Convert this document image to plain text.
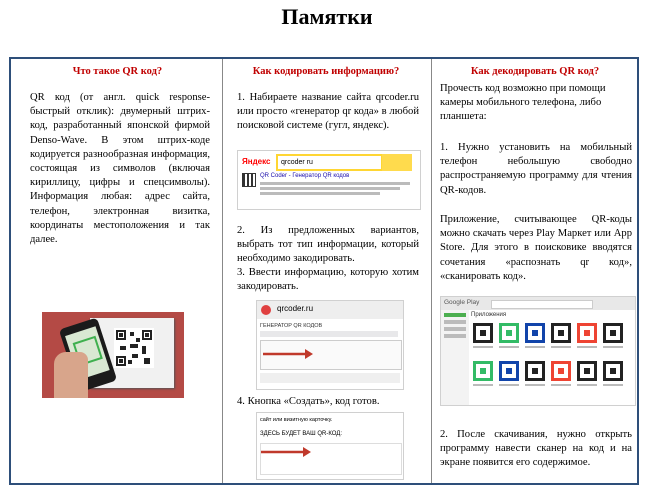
Памятки
Что такое QR код?
QR код (от англ. quick response-быстрый отклик): двумерный штрих-код, разработанный японской фирмой Denso-Wave. В этом штрих-коде кодируется разнообразная информация, состоящая из символов (включая кириллицу, цифры и спецсимволы). Информация любая: адрес сайта, телефон, электронная визитка, координаты местоположения и так далее.
Как кодировать информацию?
1. Набираете название сайта qrcoder.ru или просто «генератор qr кода» в любой поисковой системе (гугл, яндекс).
Яндекс	qrcoder ru
QR Coder - Генератор QR кодов
2. Из предложенных вариантов, выбрать тот тип информации, который необходимо закодировать.
3. Ввести информацию, которую хотим закодировать.
qrcoder.ru
ГЕНЕРАТОР QR КОДОВ
4. Кнопка «Создать», код готов.
сайт или визитную карточку.
ЗДЕСЬ БУДЕТ ВАШ QR-КОД:
Как декодировать QR код?
Прочесть код возможно при помощи камеры мобильного телефона, либо планшета:
1. Нужно установить на мобильный телефон небольшую свободно распространяемую программу для чтения QR-кодов.
Приложение, считывающее QR-коды можно скачать через Play Маркет или App Store. Для этого в поисковике вводятся сочетания «распознать qr код», «сканировать код».
Google Play
Приложения
2. После скачивания, нужно открыть программу навести сканер на код и на экране появится его содержимое.
